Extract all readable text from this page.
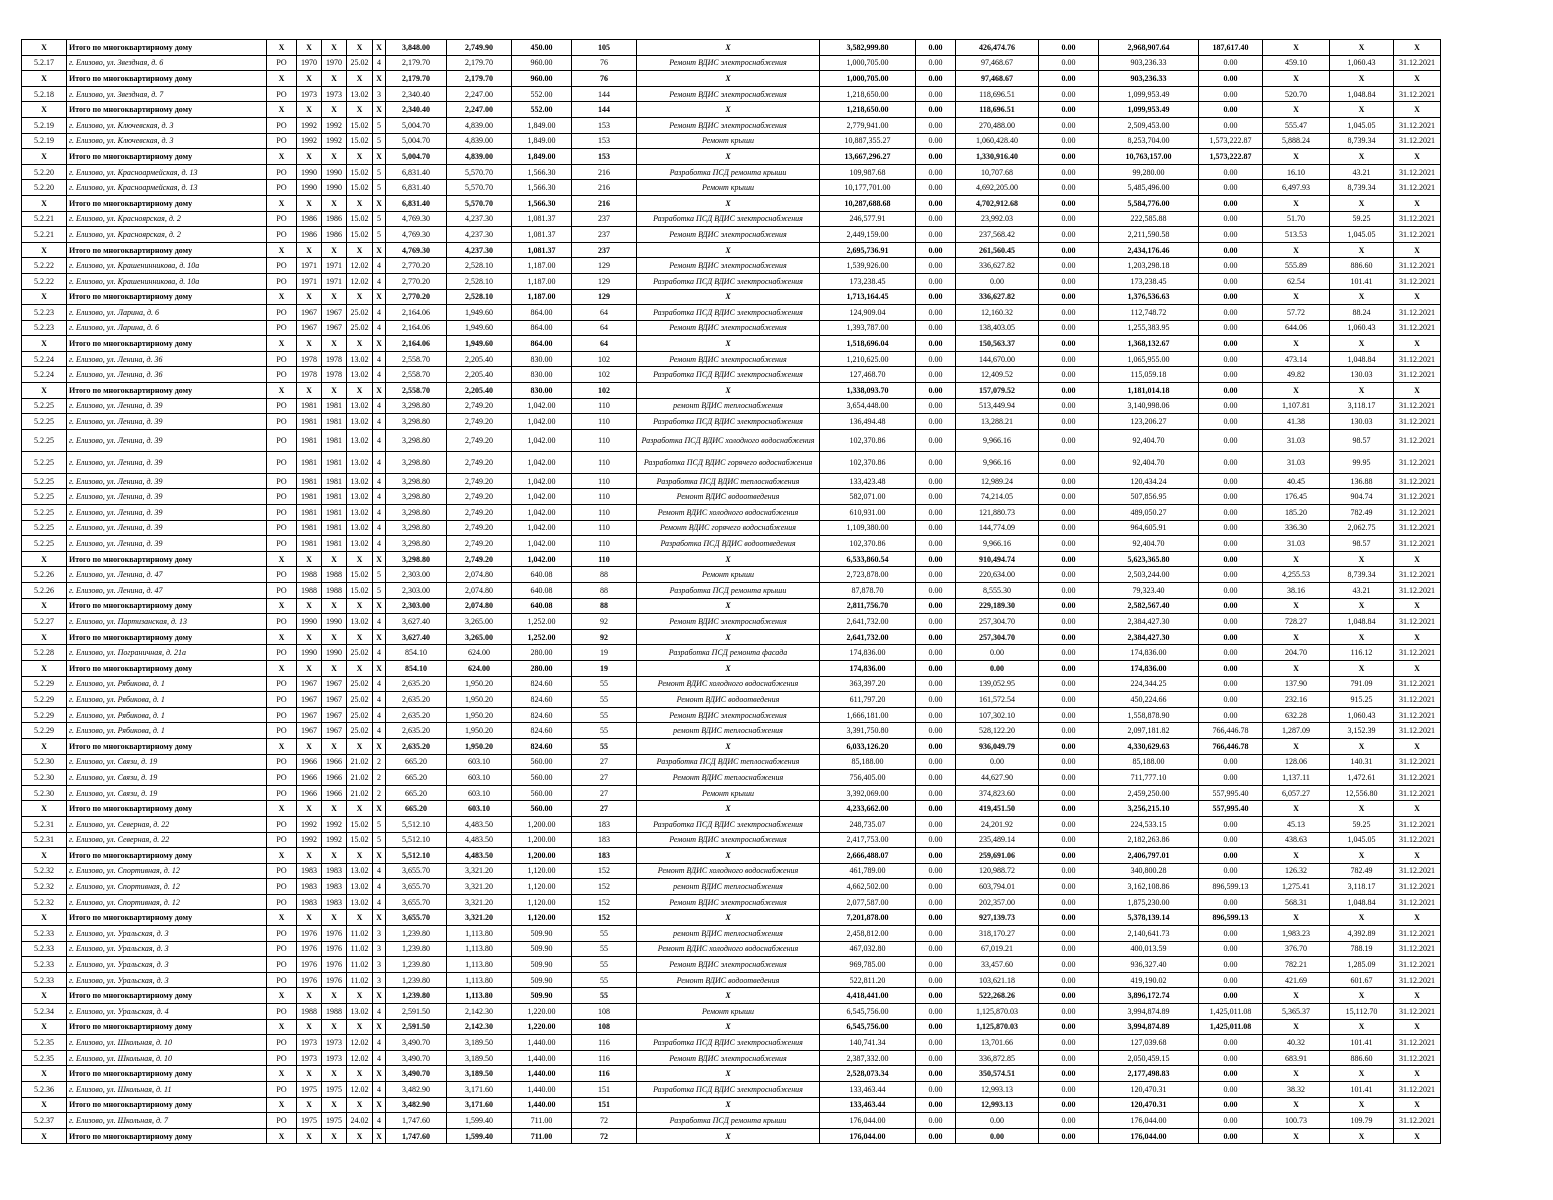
X	Итого по многоквартирному дому	X	X	X	X	X	3,848.00	2,749.90	450.00	105	X	3,582,999.80	0.00	426,474.76	0.00	2,968,907.64	187,617.40	X	X	X
5.2.17	г. Елизово, ул. Звездная, д. 6	РО	1970	1970	25.02	4	2,179.70	2,179.70	960.00	76	Ремонт ВДИС электроснабжения	1,000,705.00	0.00	97,468.67	0.00	903,236.33	0.00	459.10	1,060.43	31.12.2021
X	Итого по многоквартирному дому	X	X	X	X	X	2,179.70	2,179.70	960.00	76	X	1,000,705.00	0.00	97,468.67	0.00	903,236.33	0.00	X	X	X
5.2.18	г. Елизово, ул. Звездная, д. 7	РО	1973	1973	13.02	3	2,340.40	2,247.00	552.00	144	Ремонт ВДИС электроснабжения	1,218,650.00	0.00	118,696.51	0.00	1,099,953.49	0.00	520.70	1,048.84	31.12.2021
X	Итого по многоквартирному дому	X	X	X	X	X	2,340.40	2,247.00	552.00	144	X	1,218,650.00	0.00	118,696.51	0.00	1,099,953.49	0.00	X	X	X
5.2.19	г. Елизово, ул. Ключевская, д. 3	РО	1992	1992	15.02	5	5,004.70	4,839.00	1,849.00	153	Ремонт ВДИС электроснабжения	2,779,941.00	0.00	270,488.00	0.00	2,509,453.00	0.00	555.47	1,045.05	31.12.2021
5.2.19	г. Елизово, ул. Ключевская, д. 3	РО	1992	1992	15.02	5	5,004.70	4,839.00	1,849.00	153	Ремонт крыши	10,887,355.27	0.00	1,060,428.40	0.00	8,253,704.00	1,573,222.87	5,888.24	8,739.34	31.12.2021
X	Итого по многоквартирному дому	X	X	X	X	X	5,004.70	4,839.00	1,849.00	153	X	13,667,296.27	0.00	1,330,916.40	0.00	10,763,157.00	1,573,222.87	X	X	X
5.2.20	г. Елизово, ул. Красноармейская, д. 13	РО	1990	1990	15.02	5	6,831.40	5,570.70	1,566.30	216	Разработка ПСД ремонта крыши	109,987.68	0.00	10,707.68	0.00	99,280.00	0.00	16.10	43.21	31.12.2021
5.2.20	г. Елизово, ул. Красноармейская, д. 13	РО	1990	1990	15.02	5	6,831.40	5,570.70	1,566.30	216	Ремонт крыши	10,177,701.00	0.00	4,692,205.00	0.00	5,485,496.00	0.00	6,497.93	8,739.34	31.12.2021
X	Итого по многоквартирному дому	X	X	X	X	X	6,831.40	5,570.70	1,566.30	216	X	10,287,688.68	0.00	4,702,912.68	0.00	5,584,776.00	0.00	X	X	X
5.2.21	г. Елизово, ул. Красноярская, д. 2	РО	1986	1986	15.02	5	4,769.30	4,237.30	1,081.37	237	Разработка ПСД ВДИС электроснабжения	246,577.91	0.00	23,992.03	0.00	222,585.88	0.00	51.70	59.25	31.12.2021
5.2.21	г. Елизово, ул. Красноярская, д. 2	РО	1986	1986	15.02	5	4,769.30	4,237.30	1,081.37	237	Ремонт ВДИС электроснабжения	2,449,159.00	0.00	237,568.42	0.00	2,211,590.58	0.00	513.53	1,045.05	31.12.2021
X	Итого по многоквартирному дому	X	X	X	X	X	4,769.30	4,237.30	1,081.37	237	X	2,695,736.91	0.00	261,560.45	0.00	2,434,176.46	0.00	X	X	X
5.2.22	г. Елизово, ул. Крашенинникова, д. 10а	РО	1971	1971	12.02	4	2,770.20	2,528.10	1,187.00	129	Ремонт ВДИС электроснабжения	1,539,926.00	0.00	336,627.82	0.00	1,203,298.18	0.00	555.89	886.60	31.12.2021
5.2.22	г. Елизово, ул. Крашенинникова, д. 10а	РО	1971	1971	12.02	4	2,770.20	2,528.10	1,187.00	129	Разработка ПСД ВДИС электроснабжения	173,238.45	0.00	0.00	0.00	173,238.45	0.00	62.54	101.41	31.12.2021
X	Итого по многоквартирному дому	X	X	X	X	X	2,770.20	2,528.10	1,187.00	129	X	1,713,164.45	0.00	336,627.82	0.00	1,376,536.63	0.00	X	X	X
5.2.23	г. Елизово, ул. Ларина, д. 6	РО	1967	1967	25.02	4	2,164.06	1,949.60	864.00	64	Разработка ПСД ВДИС электроснабжения	124,909.04	0.00	12,160.32	0.00	112,748.72	0.00	57.72	88.24	31.12.2021
5.2.23	г. Елизово, ул. Ларина, д. 6	РО	1967	1967	25.02	4	2,164.06	1,949.60	864.00	64	Ремонт ВДИС электроснабжения	1,393,787.00	0.00	138,403.05	0.00	1,255,383.95	0.00	644.06	1,060.43	31.12.2021
X	Итого по многоквартирному дому	X	X	X	X	X	2,164.06	1,949.60	864.00	64	X	1,518,696.04	0.00	150,563.37	0.00	1,368,132.67	0.00	X	X	X
5.2.24	г. Елизово, ул. Ленина, д. 36	РО	1978	1978	13.02	4	2,558.70	2,205.40	830.00	102	Ремонт ВДИС электроснабжения	1,210,625.00	0.00	144,670.00	0.00	1,065,955.00	0.00	473.14	1,048.84	31.12.2021
5.2.24	г. Елизово, ул. Ленина, д. 36	РО	1978	1978	13.02	4	2,558.70	2,205.40	830.00	102	Разработка ПСД ВДИС электроснабжения	127,468.70	0.00	12,409.52	0.00	115,059.18	0.00	49.82	130.03	31.12.2021
X	Итого по многоквартирному дому	X	X	X	X	X	2,558.70	2,205.40	830.00	102	X	1,338,093.70	0.00	157,079.52	0.00	1,181,014.18	0.00	X	X	X
5.2.25	г. Елизово, ул. Ленина, д. 39	РО	1981	1981	13.02	4	3,298.80	2,749.20	1,042.00	110	ремонт ВДИС теплоснабжения	3,654,448.00	0.00	513,449.94	0.00	3,140,998.06	0.00	1,107.81	3,118.17	31.12.2021
5.2.25	г. Елизово, ул. Ленина, д. 39	РО	1981	1981	13.02	4	3,298.80	2,749.20	1,042.00	110	Разработка ПСД ВДИС электроснабжения	136,494.48	0.00	13,288.21	0.00	123,206.27	0.00	41.38	130.03	31.12.2021
5.2.25	г. Елизово, ул. Ленина, д. 39	РО	1981	1981	13.02	4	3,298.80	2,749.20	1,042.00	110	Разработка ПСД ВДИС холодного водоснабжения	102,370.86	0.00	9,966.16	0.00	92,404.70	0.00	31.03	98.57	31.12.2021
5.2.25	г. Елизово, ул. Ленина, д. 39	РО	1981	1981	13.02	4	3,298.80	2,749.20	1,042.00	110	Разработка ПСД ВДИС горячего водоснабжения	102,370.86	0.00	9,966.16	0.00	92,404.70	0.00	31.03	99.95	31.12.2021
5.2.25	г. Елизово, ул. Ленина, д. 39	РО	1981	1981	13.02	4	3,298.80	2,749.20	1,042.00	110	Разработка ПСД ВДИС теплоснабжения	133,423.48	0.00	12,989.24	0.00	120,434.24	0.00	40.45	136.88	31.12.2021
5.2.25	г. Елизово, ул. Ленина, д. 39	РО	1981	1981	13.02	4	3,298.80	2,749.20	1,042.00	110	Ремонт ВДИС водоотведения	582,071.00	0.00	74,214.05	0.00	507,856.95	0.00	176.45	904.74	31.12.2021
5.2.25	г. Елизово, ул. Ленина, д. 39	РО	1981	1981	13.02	4	3,298.80	2,749.20	1,042.00	110	Ремонт ВДИС холодного водоснабжения	610,931.00	0.00	121,880.73	0.00	489,050.27	0.00	185.20	782.49	31.12.2021
5.2.25	г. Елизово, ул. Ленина, д. 39	РО	1981	1981	13.02	4	3,298.80	2,749.20	1,042.00	110	Ремонт ВДИС горячего водоснабжения	1,109,380.00	0.00	144,774.09	0.00	964,605.91	0.00	336.30	2,062.75	31.12.2021
5.2.25	г. Елизово, ул. Ленина, д. 39	РО	1981	1981	13.02	4	3,298.80	2,749.20	1,042.00	110	Разработка ПСД ВДИС водоотведения	102,370.86	0.00	9,966.16	0.00	92,404.70	0.00	31.03	98.57	31.12.2021
X	Итого по многоквартирному дому	X	X	X	X	X	3,298.80	2,749.20	1,042.00	110	X	6,533,860.54	0.00	910,494.74	0.00	5,623,365.80	0.00	X	X	X
5.2.26	г. Елизово, ул. Ленина, д. 47	РО	1988	1988	15.02	5	2,303.00	2,074.80	640.08	88	Ремонт крыши	2,723,878.00	0.00	220,634.00	0.00	2,503,244.00	0.00	4,255.53	8,739.34	31.12.2021
5.2.26	г. Елизово, ул. Ленина, д. 47	РО	1988	1988	15.02	5	2,303.00	2,074.80	640.08	88	Разработка ПСД ремонта крыши	87,878.70	0.00	8,555.30	0.00	79,323.40	0.00	38.16	43.21	31.12.2021
X	Итого по многоквартирному дому	X	X	X	X	X	2,303.00	2,074.80	640.08	88	X	2,811,756.70	0.00	229,189.30	0.00	2,582,567.40	0.00	X	X	X
5.2.27	г. Елизово, ул. Партизанская, д. 13	РО	1990	1990	13.02	4	3,627.40	3,265.00	1,252.00	92	Ремонт ВДИС электроснабжения	2,641,732.00	0.00	257,304.70	0.00	2,384,427.30	0.00	728.27	1,048.84	31.12.2021
X	Итого по многоквартирному дому	X	X	X	X	X	3,627.40	3,265.00	1,252.00	92	X	2,641,732.00	0.00	257,304.70	0.00	2,384,427.30	0.00	X	X	X
5.2.28	г. Елизово, ул. Пограничная, д. 21а	РО	1990	1990	25.02	4	854.10	624.00	280.00	19	Разработка ПСД ремонта фасада	174,836.00	0.00	0.00	0.00	174,836.00	0.00	204.70	116.12	31.12.2021
X	Итого по многоквартирному дому	X	X	X	X	X	854.10	624.00	280.00	19	X	174,836.00	0.00	0.00	0.00	174,836.00	0.00	X	X	X
5.2.29	г. Елизово, ул. Рябикова, д. 1	РО	1967	1967	25.02	4	2,635.20	1,950.20	824.60	55	Ремонт ВДИС холодного водоснабжения	363,397.20	0.00	139,052.95	0.00	224,344.25	0.00	137.90	791.09	31.12.2021
5.2.29	г. Елизово, ул. Рябикова, д. 1	РО	1967	1967	25.02	4	2,635.20	1,950.20	824.60	55	Ремонт ВДИС водоотведения	611,797.20	0.00	161,572.54	0.00	450,224.66	0.00	232.16	915.25	31.12.2021
5.2.29	г. Елизово, ул. Рябикова, д. 1	РО	1967	1967	25.02	4	2,635.20	1,950.20	824.60	55	Ремонт ВДИС электроснабжения	1,666,181.00	0.00	107,302.10	0.00	1,558,878.90	0.00	632.28	1,060.43	31.12.2021
5.2.29	г. Елизово, ул. Рябикова, д. 1	РО	1967	1967	25.02	4	2,635.20	1,950.20	824.60	55	ремонт ВДИС теплоснабжения	3,391,750.80	0.00	528,122.20	0.00	2,097,181.82	766,446.78	1,287.09	3,152.39	31.12.2021
X	Итого по многоквартирному дому	X	X	X	X	X	2,635.20	1,950.20	824.60	55	X	6,033,126.20	0.00	936,049.79	0.00	4,330,629.63	766,446.78	X	X	X
5.2.30	г. Елизово, ул. Связи, д. 19	РО	1966	1966	21.02	2	665.20	603.10	560.00	27	Разработка ПСД ВДИС теплоснабжения	85,188.00	0.00	0.00	0.00	85,188.00	0.00	128.06	140.31	31.12.2021
5.2.30	г. Елизово, ул. Связи, д. 19	РО	1966	1966	21.02	2	665.20	603.10	560.00	27	Ремонт ВДИС теплоснабжения	756,405.00	0.00	44,627.90	0.00	711,777.10	0.00	1,137.11	1,472.61	31.12.2021
5.2.30	г. Елизово, ул. Связи, д. 19	РО	1966	1966	21.02	2	665.20	603.10	560.00	27	Ремонт крыши	3,392,069.00	0.00	374,823.60	0.00	2,459,250.00	557,995.40	6,057.27	12,556.80	31.12.2021
X	Итого по многоквартирному дому	X	X	X	X	X	665.20	603.10	560.00	27	X	4,233,662.00	0.00	419,451.50	0.00	3,256,215.10	557,995.40	X	X	X
5.2.31	г. Елизово, ул. Северная, д. 22	РО	1992	1992	15.02	5	5,512.10	4,483.50	1,200.00	183	Разработка ПСД ВДИС электроснабжения	248,735.07	0.00	24,201.92	0.00	224,533.15	0.00	45.13	59.25	31.12.2021
5.2.31	г. Елизово, ул. Северная, д. 22	РО	1992	1992	15.02	5	5,512.10	4,483.50	1,200.00	183	Ремонт ВДИС электроснабжения	2,417,753.00	0.00	235,489.14	0.00	2,182,263.86	0.00	438.63	1,045.05	31.12.2021
X	Итого по многоквартирному дому	X	X	X	X	X	5,512.10	4,483.50	1,200.00	183	X	2,666,488.07	0.00	259,691.06	0.00	2,406,797.01	0.00	X	X	X
5.2.32	г. Елизово, ул. Спортивная, д. 12	РО	1983	1983	13.02	4	3,655.70	3,321.20	1,120.00	152	Ремонт ВДИС холодного водоснабжения	461,789.00	0.00	120,988.72	0.00	340,800.28	0.00	126.32	782.49	31.12.2021
5.2.32	г. Елизово, ул. Спортивная, д. 12	РО	1983	1983	13.02	4	3,655.70	3,321.20	1,120.00	152	ремонт ВДИС теплоснабжения	4,662,502.00	0.00	603,794.01	0.00	3,162,108.86	896,599.13	1,275.41	3,118.17	31.12.2021
5.2.32	г. Елизово, ул. Спортивная, д. 12	РО	1983	1983	13.02	4	3,655.70	3,321.20	1,120.00	152	Ремонт ВДИС электроснабжения	2,077,587.00	0.00	202,357.00	0.00	1,875,230.00	0.00	568.31	1,048.84	31.12.2021
X	Итого по многоквартирному дому	X	X	X	X	X	3,655.70	3,321.20	1,120.00	152	X	7,201,878.00	0.00	927,139.73	0.00	5,378,139.14	896,599.13	X	X	X
5.2.33	г. Елизово, ул. Уральская, д. 3	РО	1976	1976	11.02	3	1,239.80	1,113.80	509.90	55	ремонт ВДИС теплоснабжения	2,458,812.00	0.00	318,170.27	0.00	2,140,641.73	0.00	1,983.23	4,392.89	31.12.2021
5.2.33	г. Елизово, ул. Уральская, д. 3	РО	1976	1976	11.02	3	1,239.80	1,113.80	509.90	55	Ремонт ВДИС холодного водоснабжения	467,032.80	0.00	67,019.21	0.00	400,013.59	0.00	376.70	788.19	31.12.2021
5.2.33	г. Елизово, ул. Уральская, д. 3	РО	1976	1976	11.02	3	1,239.80	1,113.80	509.90	55	Ремонт ВДИС электроснабжения	969,785.00	0.00	33,457.60	0.00	936,327.40	0.00	782.21	1,285.09	31.12.2021
5.2.33	г. Елизово, ул. Уральская, д. 3	РО	1976	1976	11.02	3	1,239.80	1,113.80	509.90	55	Ремонт ВДИС водоотведения	522,811.20	0.00	103,621.18	0.00	419,190.02	0.00	421.69	601.67	31.12.2021
X	Итого по многоквартирному дому	X	X	X	X	X	1,239.80	1,113.80	509.90	55	X	4,418,441.00	0.00	522,268.26	0.00	3,896,172.74	0.00	X	X	X
5.2.34	г. Елизово, ул. Уральская, д. 4	РО	1988	1988	13.02	4	2,591.50	2,142.30	1,220.00	108	Ремонт крыши	6,545,756.00	0.00	1,125,870.03	0.00	3,994,874.89	1,425,011.08	5,365.37	15,112.70	31.12.2021
X	Итого по многоквартирному дому	X	X	X	X	X	2,591.50	2,142.30	1,220.00	108	X	6,545,756.00	0.00	1,125,870.03	0.00	3,994,874.89	1,425,011.08	X	X	X
5.2.35	г. Елизово, ул. Школьная, д. 10	РО	1973	1973	12.02	4	3,490.70	3,189.50	1,440.00	116	Разработка ПСД ВДИС электроснабжения	140,741.34	0.00	13,701.66	0.00	127,039.68	0.00	40.32	101.41	31.12.2021
5.2.35	г. Елизово, ул. Школьная, д. 10	РО	1973	1973	12.02	4	3,490.70	3,189.50	1,440.00	116	Ремонт ВДИС электроснабжения	2,387,332.00	0.00	336,872.85	0.00	2,050,459.15	0.00	683.91	886.60	31.12.2021
X	Итого по многоквартирному дому	X	X	X	X	X	3,490.70	3,189.50	1,440.00	116	X	2,528,073.34	0.00	350,574.51	0.00	2,177,498.83	0.00	X	X	X
5.2.36	г. Елизово, ул. Школьная, д. 11	РО	1975	1975	12.02	4	3,482.90	3,171.60	1,440.00	151	Разработка ПСД ВДИС электроснабжения	133,463.44	0.00	12,993.13	0.00	120,470.31	0.00	38.32	101.41	31.12.2021
X	Итого по многоквартирному дому	X	X	X	X	X	3,482.90	3,171.60	1,440.00	151	X	133,463.44	0.00	12,993.13	0.00	120,470.31	0.00	X	X	X
5.2.37	г. Елизово, ул. Школьная, д. 7	РО	1975	1975	24.02	4	1,747.60	1,599.40	711.00	72	Разработка ПСД ремонта крыши	176,044.00	0.00	0.00	0.00	176,044.00	0.00	100.73	109.79	31.12.2021
X	Итого по многоквартирному дому	X	X	X	X	X	1,747.60	1,599.40	711.00	72	X	176,044.00	0.00	0.00	0.00	176,044.00	0.00	X	X	X
